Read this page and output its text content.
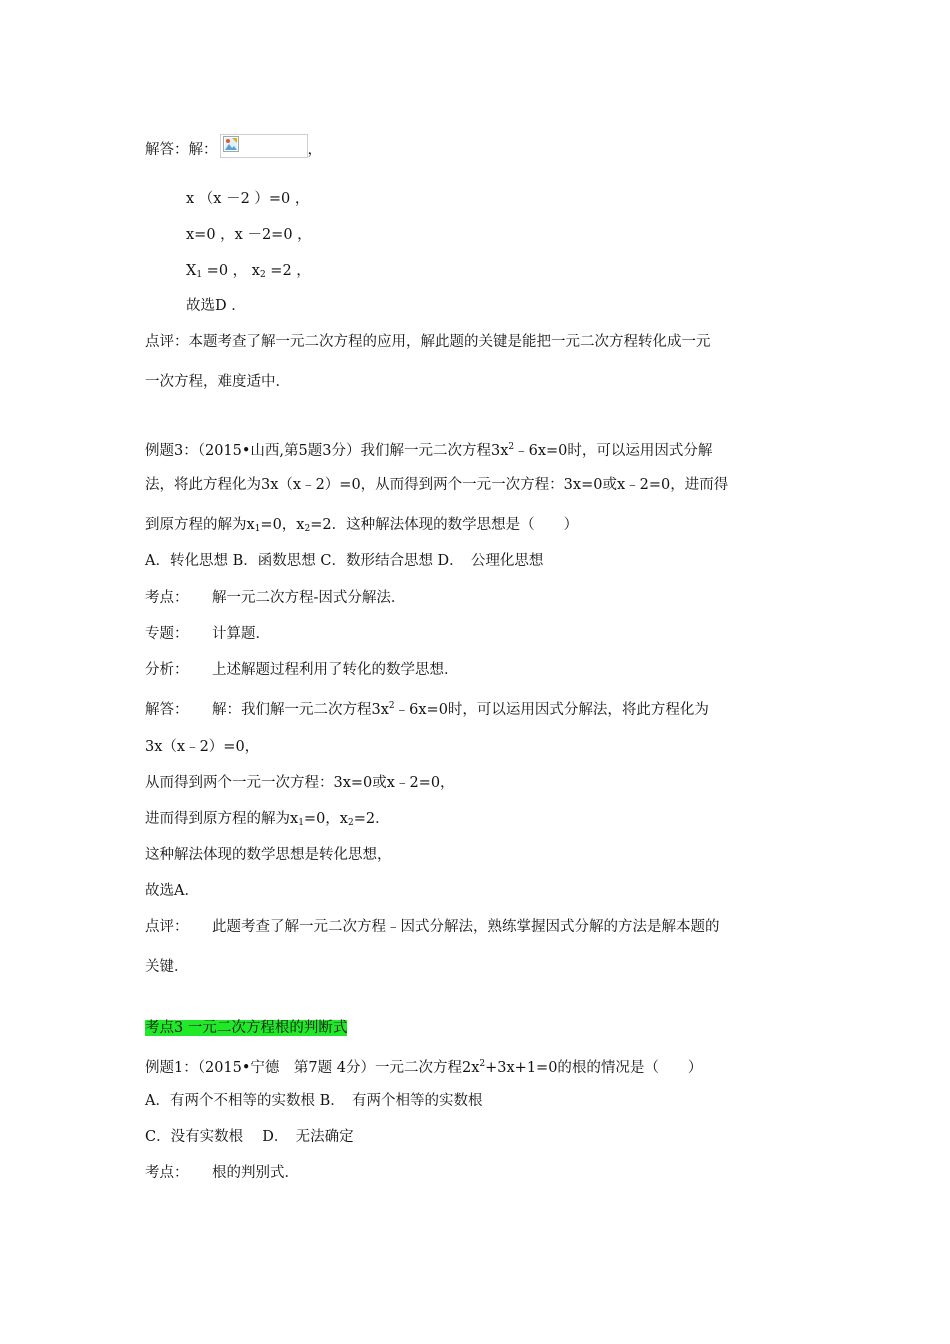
解答：解：	，
x （x －2 ）=0 ，
x=0 ，x －2=0 ，
$X_1 =0$ ， $x_2 =2$ ，
故选D ．
点评：本题考查了解一元二次方程的应用，解此题的关键是能把一元二次方程转化成一元
一次方程，难度适中．
例题3：（2015•山西,第5题3分）我们解一元二次方程$3x^2﹣6x=0$时，可以运用因式分解
法，将此方程化为3x（x﹣2）=0，从而得到两个一元一次方程：3x=0或x﹣2=0，进而得
到原方程的解为$x_1=0$，$x_2=2$．这种解法体现的数学思想是（　　）
A．转化思想 B．函数思想 C．数形结合思想 D．　公理化思想
考点： 解一元二次方程-因式分解法．
专题： 计算题．
分析： 上述解题过程利用了转化的数学思想．
解答： 解：我们解一元二次方程$3x^2﹣6x=0$时，可以运用因式分解法，将此方程化为
3x（x﹣2）=0，
从而得到两个一元一次方程：3x=0或x﹣2=0，
进而得到原方程的解为$x_1=0$，$x_2=2$．
这种解法体现的数学思想是转化思想，
故选A．
点评： 此题考查了解一元二次方程﹣因式分解法，熟练掌握因式分解的方法是解本题的
关键．
考点3 一元二次方程根的判断式
例题1：（2015•宁德　第7题 4分）一元二次方程$2x^2+3x+1=0$的根的情况是（　　）
A．有两个不相等的实数根 B．　有两个相等的实数根
C．没有实数根　 D．　无法确定
考点： 根的判别式．
